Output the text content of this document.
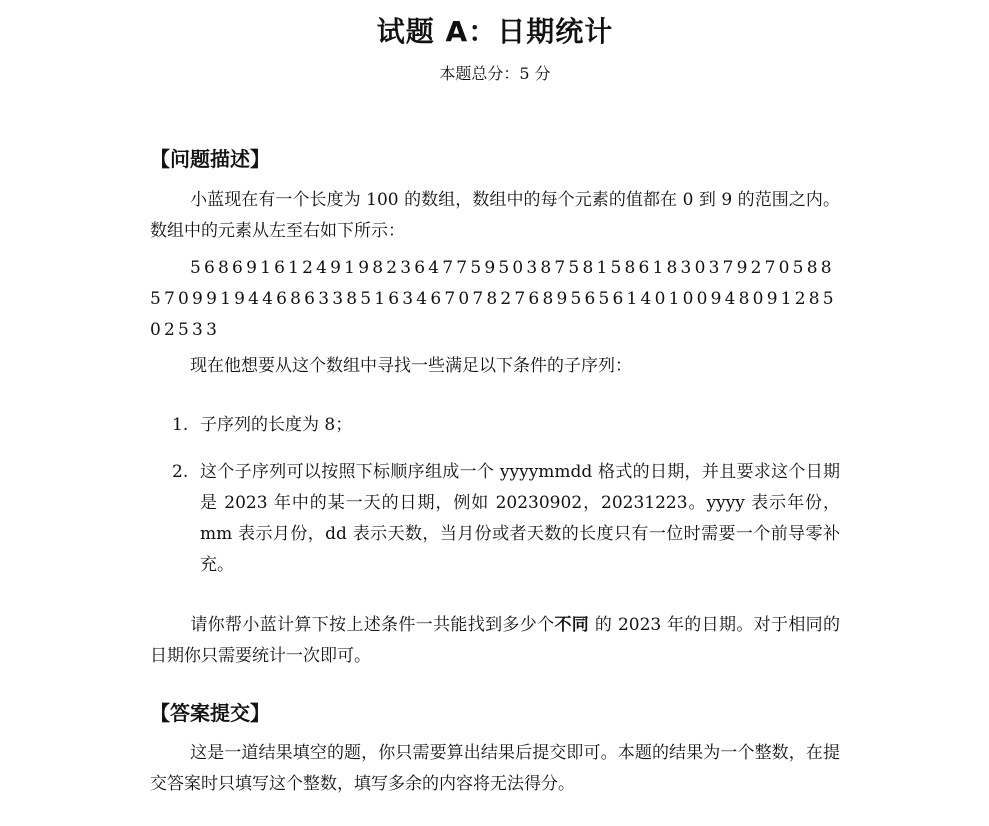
试题 A：日期统计
本题总分：5 分
【问题描述】
小蓝现在有一个长度为 100 的数组，数组中的每个元素的值都在 0 到 9 的范围之内。数组中的元素从左至右如下所示：
5686916124919823647759503875815861830379270588570991944686338516346707827689565614010094809128502533
现在他想要从这个数组中寻找一些满足以下条件的子序列：
1. 子序列的长度为 8；
2. 这个子序列可以按照下标顺序组成一个 yyyymmdd 格式的日期，并且要求这个日期是 2023 年中的某一天的日期，例如 20230902，20231223。yyyy 表示年份，mm 表示月份，dd 表示天数，当月份或者天数的长度只有一位时需要一个前导零补充。
请你帮小蓝计算下按上述条件一共能找到多少个不同 的 2023 年的日期。对于相同的日期你只需要统计一次即可。
【答案提交】
这是一道结果填空的题，你只需要算出结果后提交即可。本题的结果为一个整数，在提交答案时只填写这个整数，填写多余的内容将无法得分。
